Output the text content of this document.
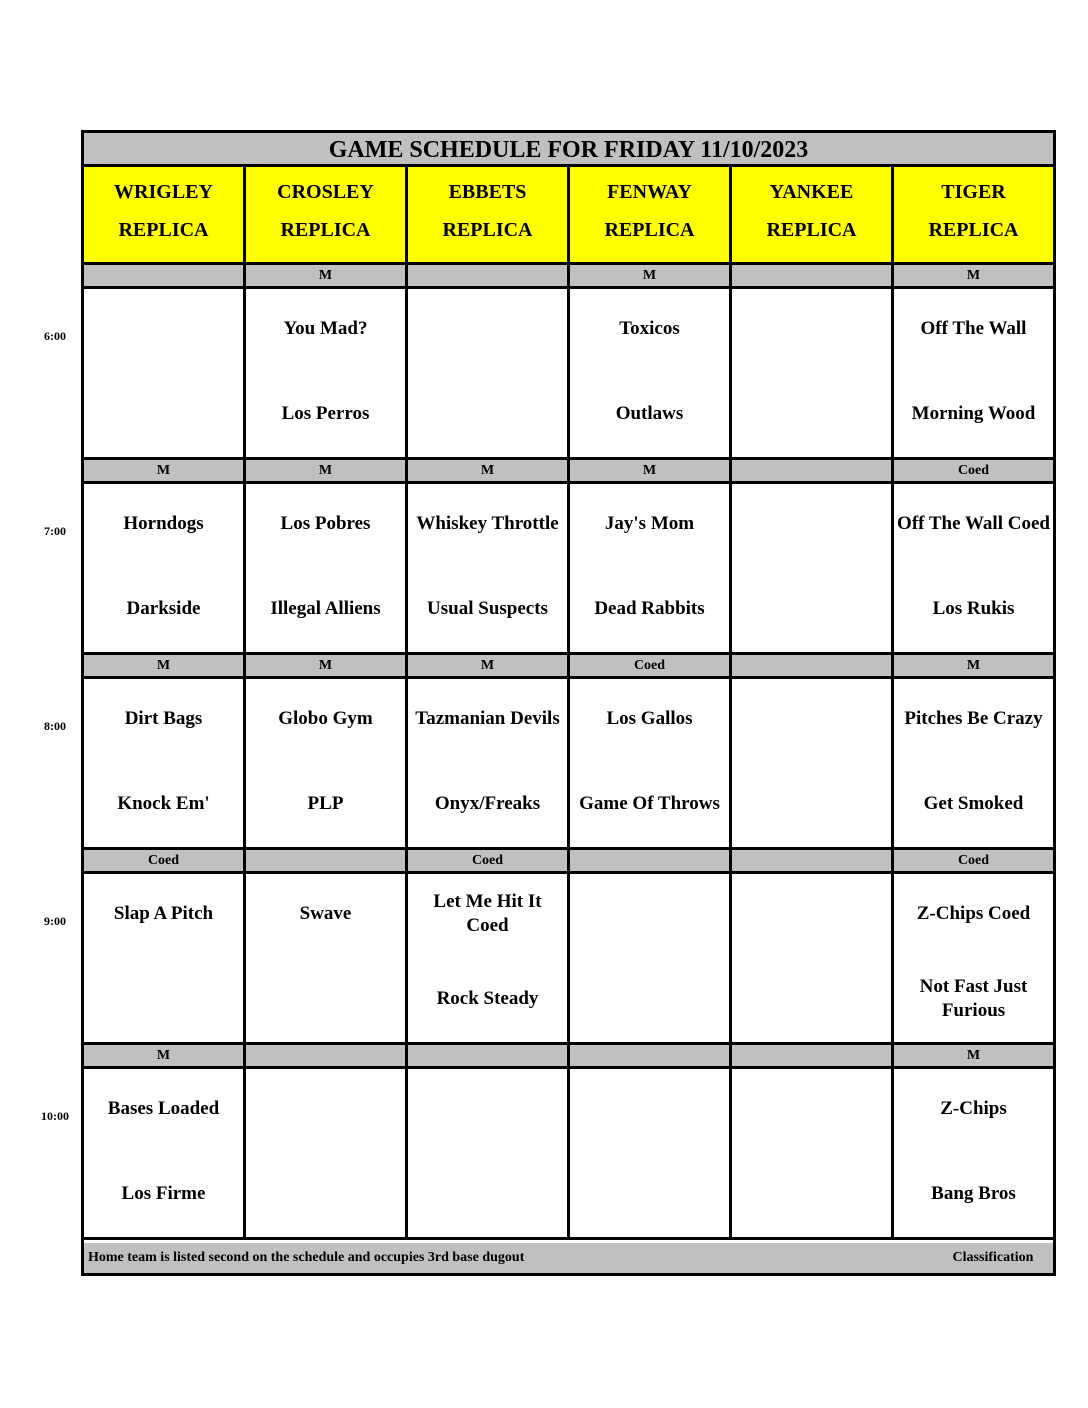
GAME SCHEDULE FOR FRIDAY 11/10/2023
Home team is listed second on the schedule and occupies 3rd base dugout	Classification
WRIGLEY
REPLICA
CROSLEY
REPLICA
EBBETS
REPLICA
FENWAY
REPLICA
YANKEE
REPLICA
TIGER
REPLICA
M
You Mad?
Los Perros
M
Toxicos
Outlaws
M
Off The Wall
Morning Wood
M
Horndogs
Darkside
M
Los Pobres
Illegal Alliens
M
Whiskey Throttle
Usual Suspects
M
Jay's Mom
Dead Rabbits
Coed
Off The Wall Coed
Los Rukis
M
Dirt Bags
Knock Em'
M
Globo Gym
PLP
M
Tazmanian Devils
Onyx/Freaks
Coed
Los Gallos
Game Of Throws
M
Pitches Be Crazy
Get Smoked
Coed
Slap A Pitch	Swave
Coed
Let Me Hit It Coed
Rock Steady
Coed
Z-Chips Coed
Not Fast Just Furious
M
Bases Loaded
Los Firme
M
Z-Chips
Bang Bros
6:00
7:00
8:00
9:00
10:00
